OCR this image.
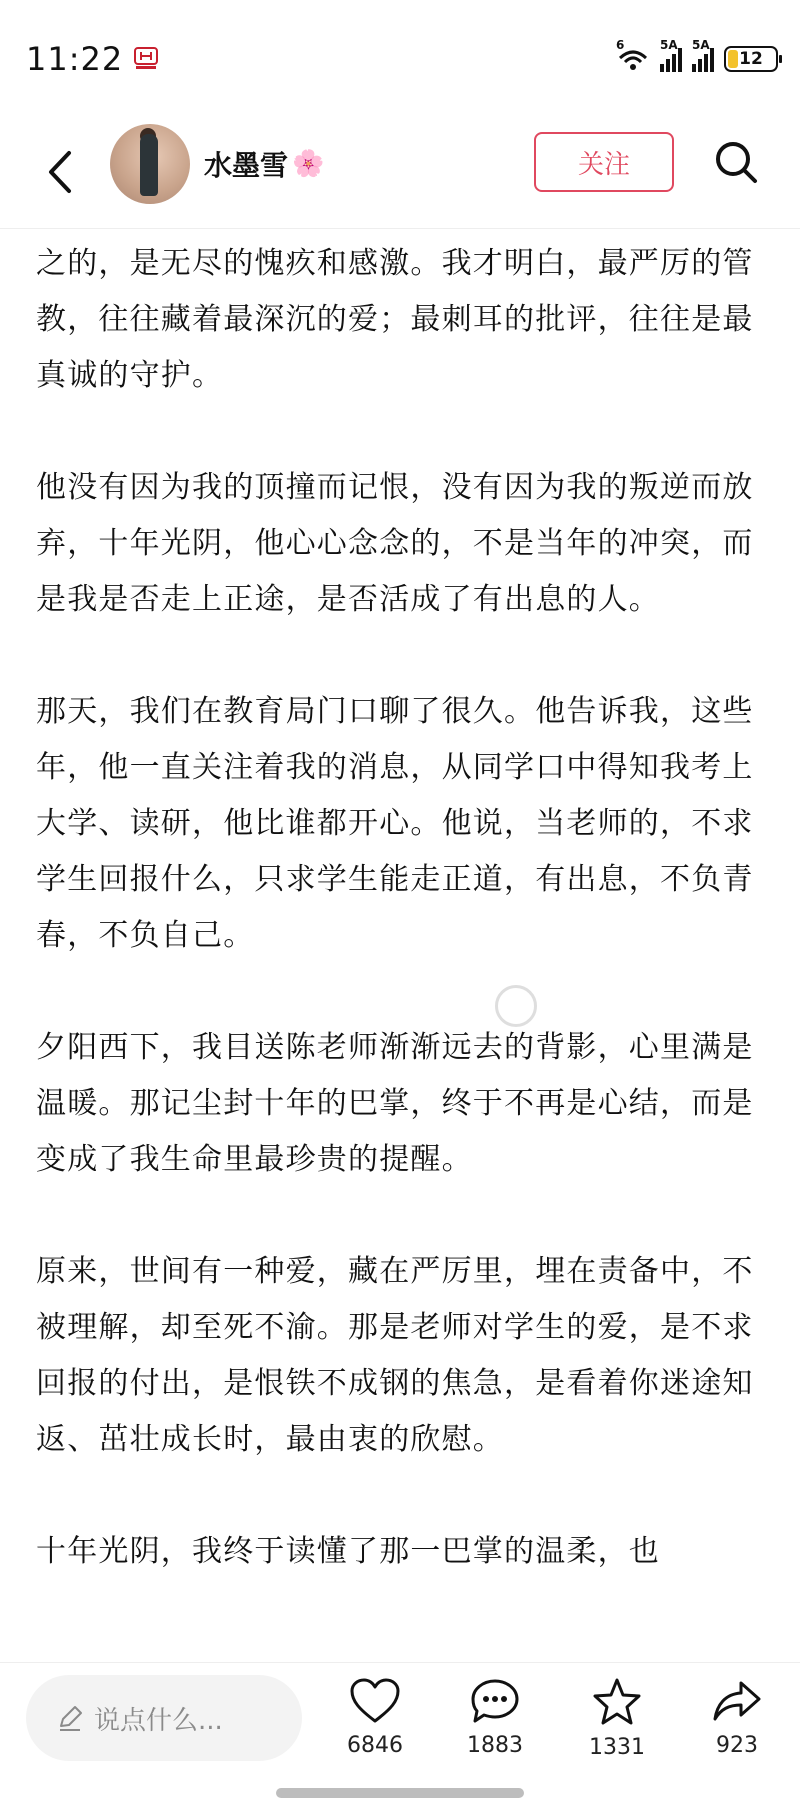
11:22	6	5A 5A
12
水墨雪 🌸	关注

之的，是无尽的愧疚和感激。我才明白，最严厉的管教，往往藏着最深沉的爱；最刺耳的批评，往往是最真诚的守护。

他没有因为我的顶撞而记恨，没有因为我的叛逆而放弃，十年光阴，他心心念念的，不是当年的冲突，而是我是否走上正途，是否活成了有出息的人。

那天，我们在教育局门口聊了很久。他告诉我，这些年，他一直关注着我的消息，从同学口中得知我考上大学、读研，他比谁都开心。他说，当老师的，不求学生回报什么，只求学生能走正道，有出息，不负青春，不负自己。

夕阳西下，我目送陈老师渐渐远去的背影，心里满是温暖。那记尘封十年的巴掌，终于不再是心结，而是变成了我生命里最珍贵的提醒。

原来，世间有一种爱，藏在严厉里，埋在责备中，不被理解，却至死不渝。那是老师对学生的爱，是不求回报的付出，是恨铁不成钢的焦急，是看着你迷途知返、茁壮成长时，最由衷的欣慰。

十年光阴，我终于读懂了那一巴掌的温柔，也

说点什么...
6846	1883	1331	923
